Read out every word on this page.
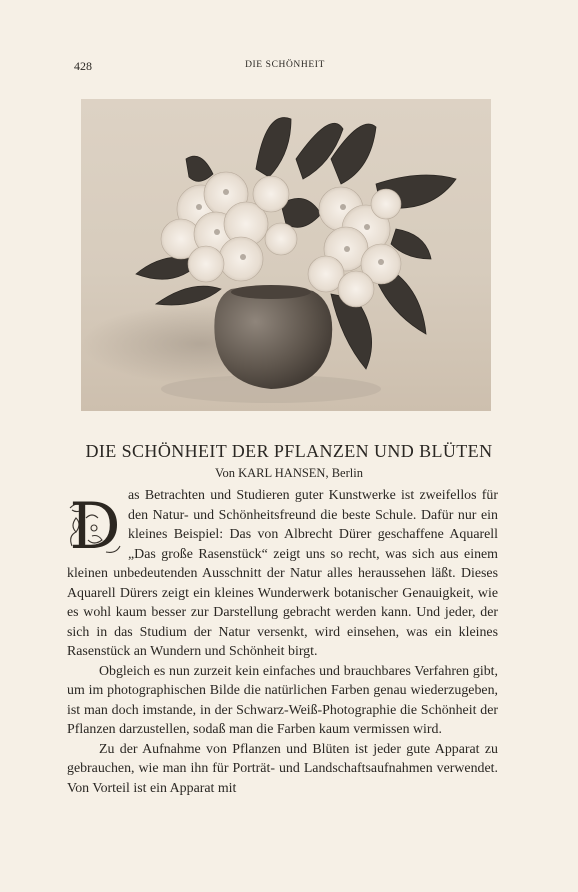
428	DIE SCHÖNHEIT
DIE SCHÖNHEIT DER PFLANZEN UND BLÜTEN
Von KARL HANSEN, Berlin
D as Betrachten und Studieren guter Kunstwerke ist zweifellos für den Natur- und Schönheitsfreund die beste Schule. Dafür nur ein kleines Beispiel: Das von Albrecht Dürer geschaffene Aquarell „Das große Rasenstück“ zeigt uns so recht, was sich aus einem kleinen unbedeutenden Ausschnitt der Natur alles heraussehen läßt. Dieses Aquarell Dürers zeigt ein kleines Wunderwerk botanischer Genauigkeit, wie es wohl kaum besser zur Darstellung gebracht werden kann. Und jeder, der sich in das Studium der Natur versenkt, wird einsehen, was ein kleines Rasenstück an Wundern und Schönheit birgt.

Obgleich es nun zurzeit kein einfaches und brauchbares Verfahren gibt, um im photographischen Bilde die natürlichen Farben genau wiederzugeben, ist man doch imstande, in der Schwarz-Weiß-Photographie die Schönheit der Pflanzen darzustellen, sodaß man die Farben kaum vermissen wird.

Zu der Aufnahme von Pflanzen und Blüten ist jeder gute Apparat zu gebrauchen, wie man ihn für Porträt- und Landschaftsaufnahmen verwendet. Von Vorteil ist ein Apparat mit
